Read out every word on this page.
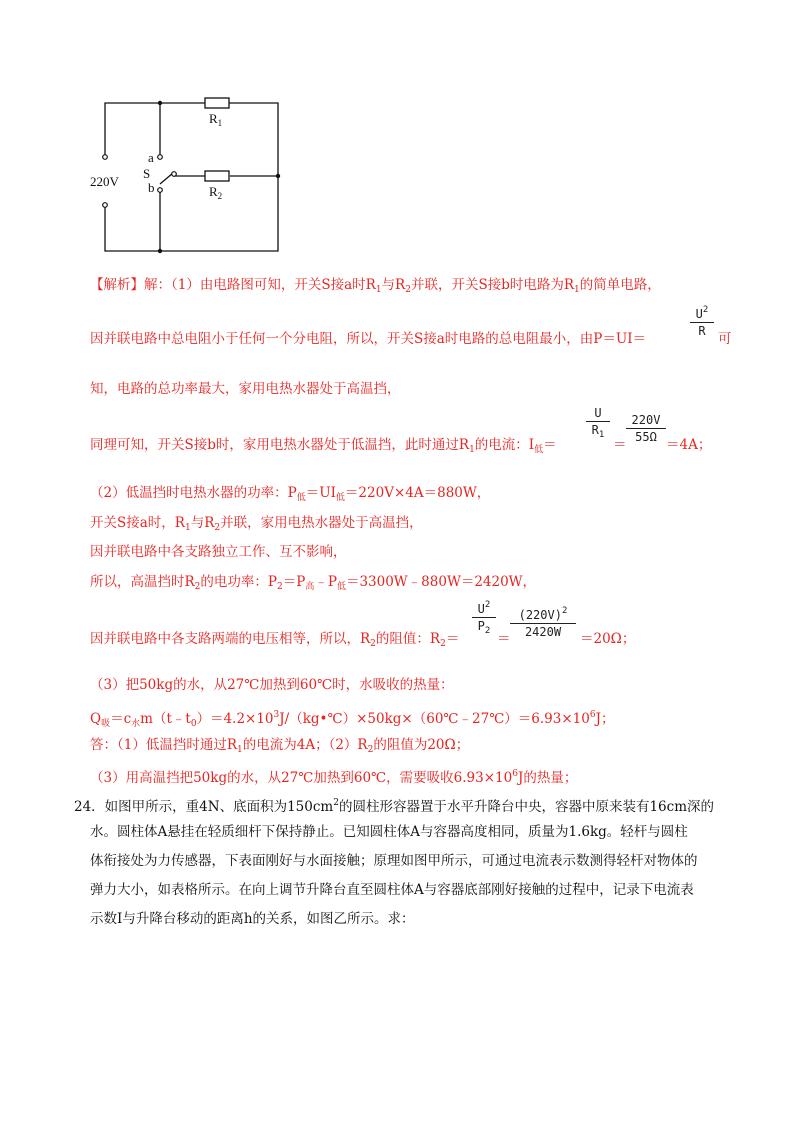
$R_1$
$R_2$
a
S
b
220V
【解析】解：（1）由电路图可知，开关S接a时$R_1$与$R_2$并联，开关S接b时电路为$R_1$的简单电路，
因并联电路中总电阻小于任何一个分电阻，所以，开关S接a时电路的总电阻最小，由P＝UI＝
$U^2$
R 可
知，电路的总功率最大，家用电热水器处于高温挡，
同理可知，开关S接b时，家用电热水器处于低温挡，此时通过$R_1$的电流：$I_低=$
U
$R_1$
＝
220V
55Ω ＝4A；
（2）低温挡时电热水器的功率：$P_低=UI_低=220V\times 4A=880W$，
开关S接a时，$R_1$与$R_2$并联，家用电热水器处于高温挡，
因并联电路中各支路独立工作、互不影响，
所以，高温挡时$R_2$的电功率：$P_2=P_高﹣P_低=3300W﹣880W=2420W$，
因并联电路中各支路两端的电压相等，所以，$R_2$的阻值：$R_2=$
$U^2$
$P_2$ ＝
$(220V)^2$
2420W	＝20Ω；
（3）把50kg的水，从27℃加热到60℃时，水吸收的热量：
$Q_吸=c_水m(t﹣t_0)=4.2\times 10^3J/(kg•℃)\times 50kg\times(60℃﹣27℃)=6.93\times 10^6J$；
答：（1）低温挡时通过$R_1$的电流为4A；$(2)R_2$的阻值为20Ω；
（3）用高温挡把50kg的水，从27℃加热到60℃，需要吸收$6.93\times 10^6J$的热量；
24．如图甲所示，重4N、底面积为$150cm^2$的圆柱形容器置于水平升降台中央，容器中原来装有16cm深的
水。圆柱体A悬挂在轻质细杆下保持静止。已知圆柱体A与容器高度相同，质量为1.6kg。轻杆与圆柱
体衔接处为力传感器，下表面刚好与水面接触；原理如图甲所示，可通过电流表示数测得轻杆对物体的
弹力大小，如表格所示。在向上调节升降台直至圆柱体A与容器底部刚好接触的过程中，记录下电流表
示数I与升降台移动的距离h的关系，如图乙所示。求：
